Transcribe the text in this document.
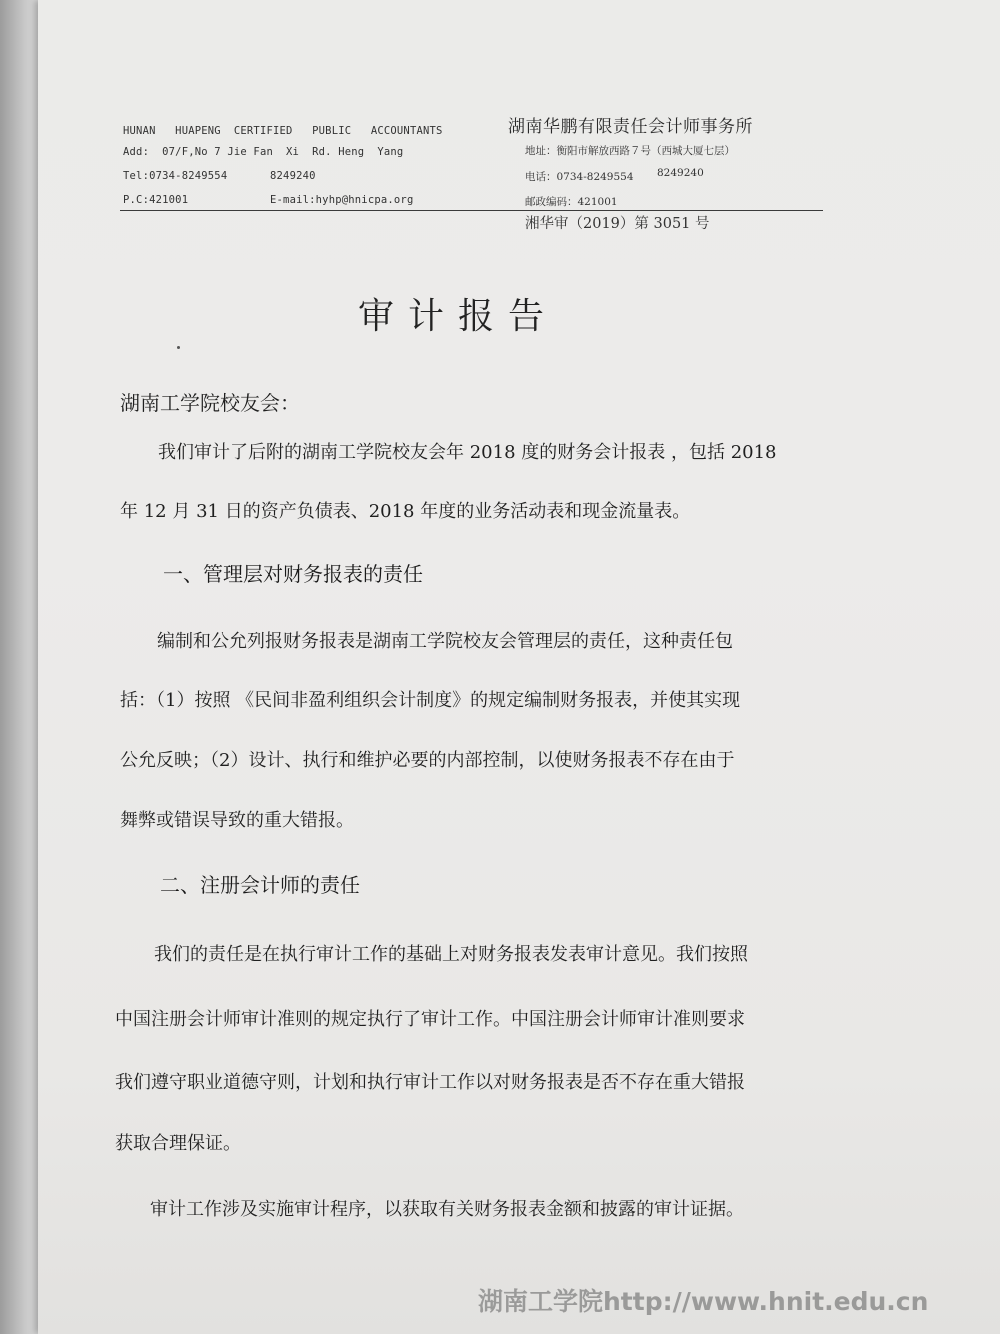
HUNAN   HUAPENG  CERTIFIED   PUBLIC   ACCOUNTANTS
Add:  07/F,No 7 Jie Fan  Xi  Rd. Heng  Yang
Tel:0734-8249554	8249240
P.C:421001	E-mail:hyhp@hnicpa.org
湖南华鹏有限责任会计师事务所
地址：衡阳市解放西路７号（西城大厦七层）
电话：0734-8249554 8249240
邮政编码：421001
湘华审（2019）第 3051 号
审计报告
湖南工学院校友会：
我们审计了后附的湖南工学院校友会年 2018 度的财务会计报表 ，包括 2018
年 12 月 31 日的资产负债表、2018 年度的业务活动表和现金流量表。
一、管理层对财务报表的责任
编制和公允列报财务报表是湖南工学院校友会管理层的责任，这种责任包
括：（1）按照 《民间非盈利组织会计制度》的规定编制财务报表，并使其实现
公允反映；（2）设计、执行和维护必要的内部控制，以使财务报表不存在由于
舞弊或错误导致的重大错报。
二、注册会计师的责任
我们的责任是在执行审计工作的基础上对财务报表发表审计意见。我们按照
中国注册会计师审计准则的规定执行了审计工作。中国注册会计师审计准则要求
我们遵守职业道德守则，计划和执行审计工作以对财务报表是否不存在重大错报
获取合理保证。
审计工作涉及实施审计程序，以获取有关财务报表金额和披露的审计证据。
湖南工学院http://www.hnit.edu.cn
